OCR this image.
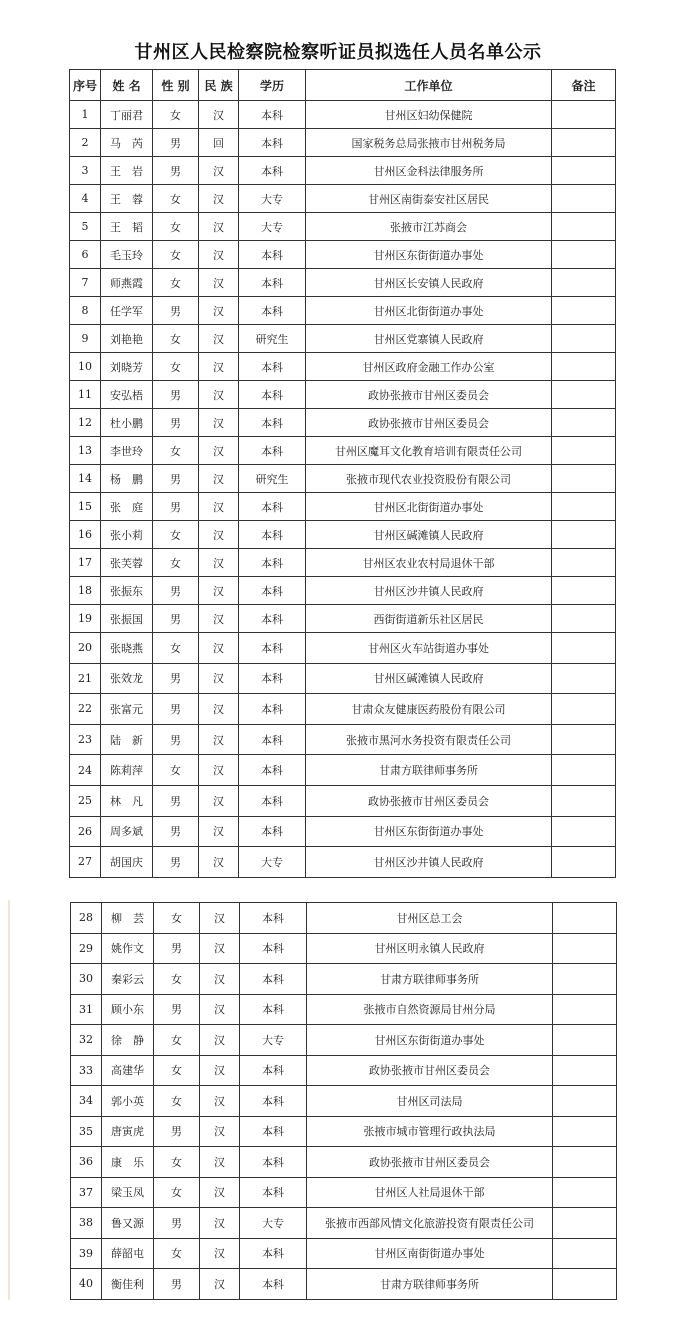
甘州区人民检察院检察听证员拟选任人员名单公示
序号	姓 名	性 别	民 族	学历	工作单位	备注
1	丁丽君	女	汉	本科	甘州区妇幼保健院	
2	马　芮	男	回	本科	国家税务总局张掖市甘州税务局	
3	王　岩	男	汉	本科	甘州区金科法律服务所	
4	王　蓉	女	汉	大专	甘州区南街泰安社区居民	
5	王　韬	女	汉	大专	张掖市江苏商会	
6	毛玉玲	女	汉	本科	甘州区东街街道办事处	
7	师燕霞	女	汉	本科	甘州区长安镇人民政府	
8	任学军	男	汉	本科	甘州区北街街道办事处	
9	刘艳艳	女	汉	研究生	甘州区党寨镇人民政府	
10	刘晓芳	女	汉	本科	甘州区政府金融工作办公室	
11	安弘梧	男	汉	本科	政协张掖市甘州区委员会	
12	杜小鹏	男	汉	本科	政协张掖市甘州区委员会	
13	李世玲	女	汉	本科	甘州区魔耳文化教育培训有限责任公司	
14	杨　鹏	男	汉	研究生	张掖市现代农业投资股份有限公司	
15	张　庭	男	汉	本科	甘州区北街街道办事处	
16	张小莉	女	汉	本科	甘州区碱滩镇人民政府	
17	张芙蓉	女	汉	本科	甘州区农业农村局退休干部	
18	张振东	男	汉	本科	甘州区沙井镇人民政府	
19	张振国	男	汉	本科	西街街道新乐社区居民	
20	张晓燕	女	汉	本科	甘州区火车站街道办事处	
21	张效龙	男	汉	本科	甘州区碱滩镇人民政府	
22	张富元	男	汉	本科	甘肃众友健康医药股份有限公司	
23	陆　新	男	汉	本科	张掖市黑河水务投资有限责任公司	
24	陈莉萍	女	汉	本科	甘肃方联律师事务所	
25	林　凡	男	汉	本科	政协张掖市甘州区委员会	
26	周多斌	男	汉	本科	甘州区东街街道办事处	
27	胡国庆	男	汉	大专	甘州区沙井镇人民政府	
28	柳　芸	女	汉	本科	甘州区总工会	
29	姚作文	男	汉	本科	甘州区明永镇人民政府	
30	秦彩云	女	汉	本科	甘肃方联律师事务所	
31	顾小东	男	汉	本科	张掖市自然资源局甘州分局	
32	徐　静	女	汉	大专	甘州区东街街道办事处	
33	高建华	女	汉	本科	政协张掖市甘州区委员会	
34	郭小英	女	汉	本科	甘州区司法局	
35	唐寅虎	男	汉	本科	张掖市城市管理行政执法局	
36	康　乐	女	汉	本科	政协张掖市甘州区委员会	
37	梁玉凤	女	汉	本科	甘州区人社局退休干部	
38	鲁又源	男	汉	大专	张掖市西部风情文化旅游投资有限责任公司	
39	薛韶屯	女	汉	本科	甘州区南街街道办事处	
40	衡佳利	男	汉	本科	甘肃方联律师事务所	
